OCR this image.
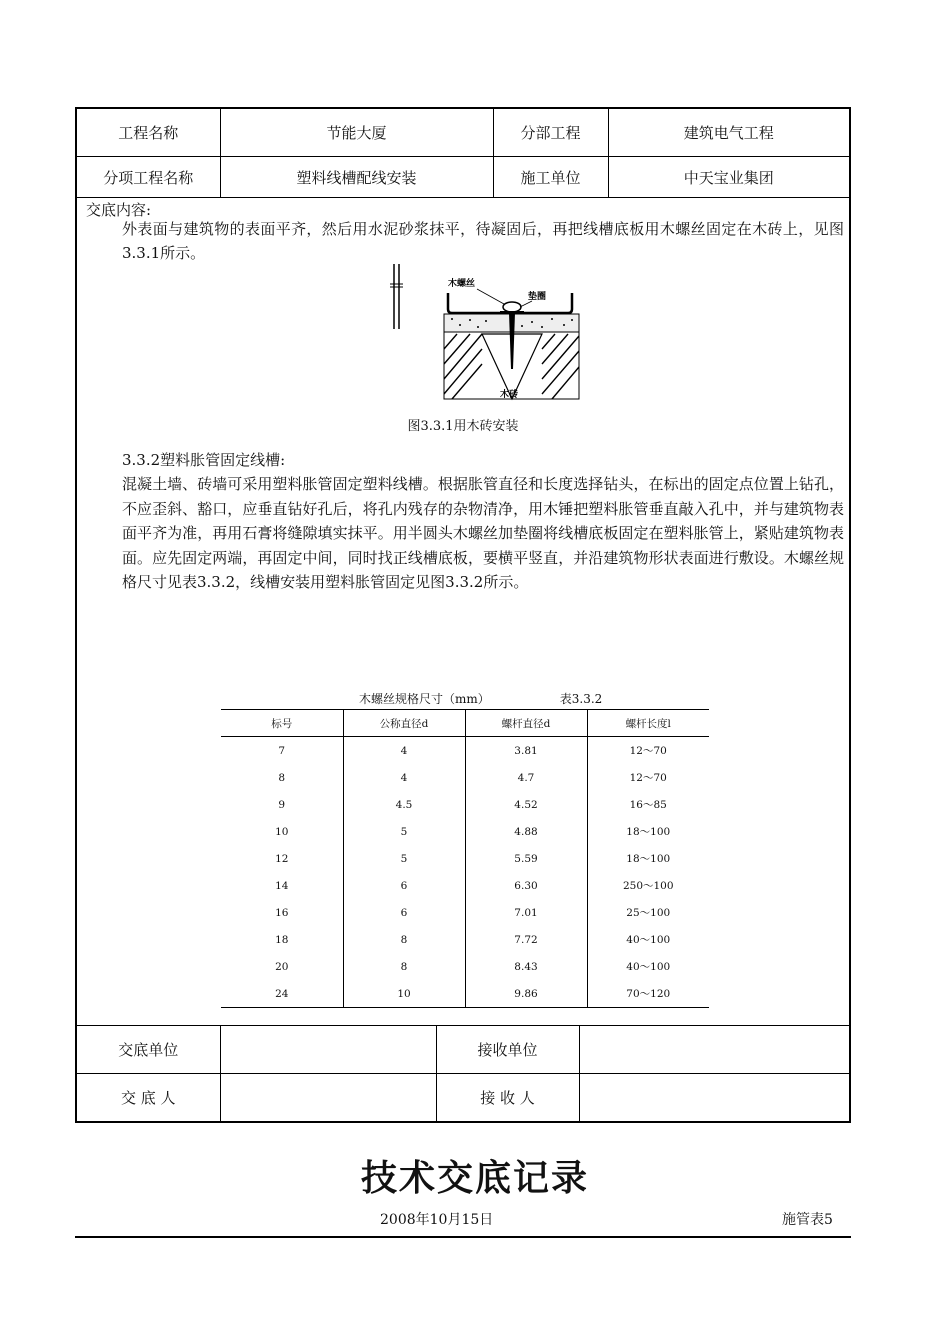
工程名称	节能大厦	分部工程	建筑电气工程
分项工程名称	塑料线槽配线安装	施工单位	中天宝业集团
交底内容:
外表面与建筑物的表面平齐，然后用水泥砂浆抹平，待凝固后，再把线槽底板用木螺丝固定在木砖上，见图3.3.1所示。
木螺丝
垫圈
木砖
图3.3.1用木砖安装
3.3.2塑料胀管固定线槽:
混凝土墙、砖墙可采用塑料胀管固定塑料线槽。根据胀管直径和长度选择钻头，在标出的固定点位置上钻孔，不应歪斜、豁口，应垂直钻好孔后，将孔内残存的杂物清净，用木锤把塑料胀管垂直敲入孔中，并与建筑物表面平齐为准，再用石膏将缝隙填实抹平。用半圆头木螺丝加垫圈将线槽底板固定在塑料胀管上，紧贴建筑物表面。应先固定两端，再固定中间，同时找正线槽底板，要横平竖直，并沿建筑物形状表面进行敷设。木螺丝规格尺寸见表3.3.2，线槽安装用塑料胀管固定见图3.3.2所示。
木螺丝规格尺寸（mm）	表3.3.2
标号	公称直径d	螺杆直径d	螺杆长度l
7	4	3.81	12～70
8	4	4.7	12～70
9	4.5	4.52	16～85
10	5	4.88	18～100
12	5	5.59	18～100
14	6	6.30	250～100
16	6	7.01	25～100
18	8	7.72	40～100
20	8	8.43	40～100
24	10	9.86	70～120
交底单位		接收单位	
交 底 人		接 收 人	
技术交底记录
2008年10月15日	施管表5
